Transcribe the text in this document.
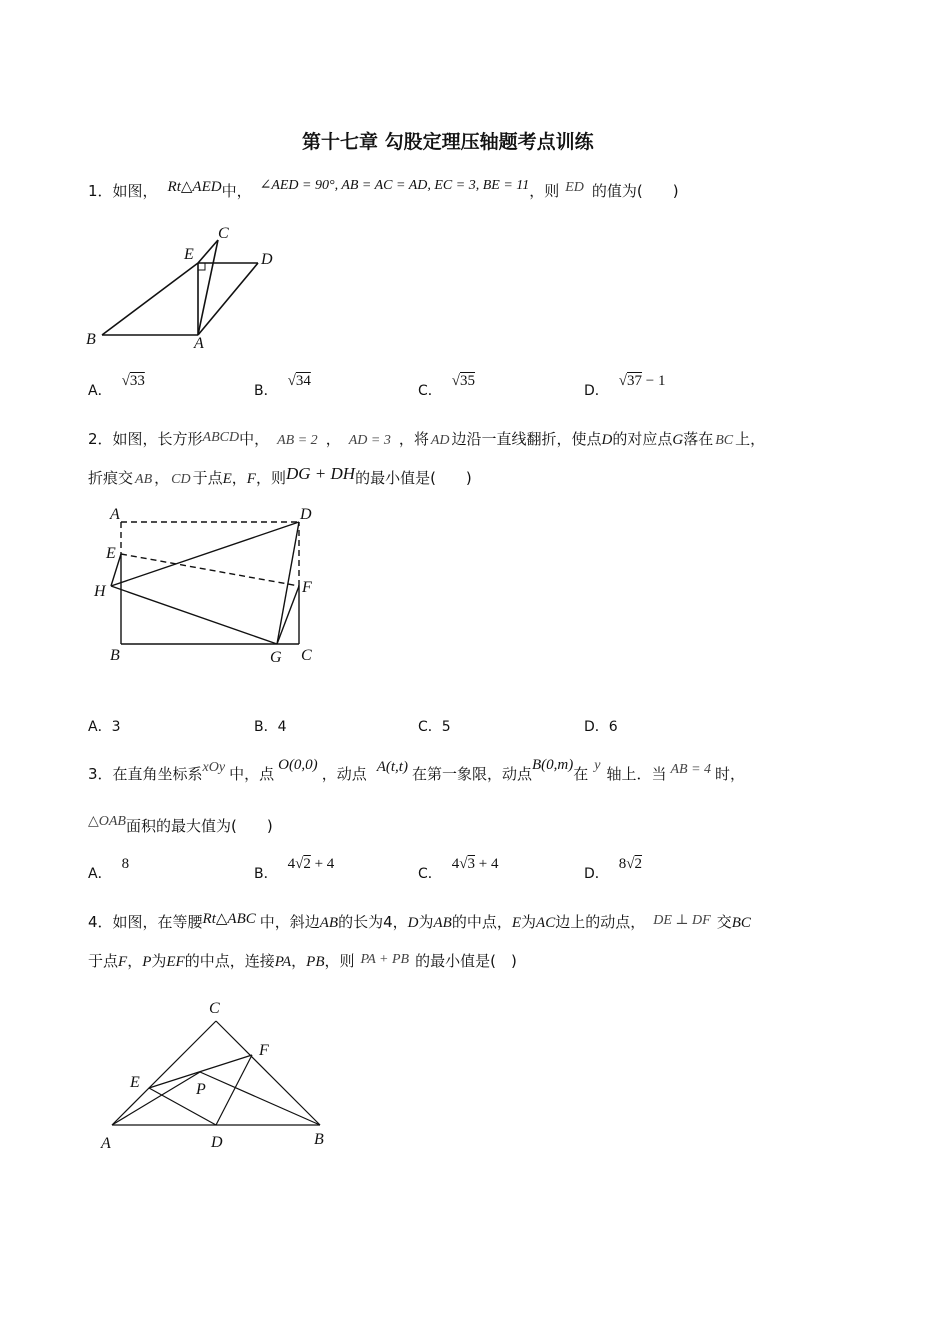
第十七章 勾股定理压轴题考点训练
1．如图， Rt△AED中， ∠AED = 90°, AB = AC = AD, EC = 3, BE = 11，则 ED 的值为(　　)
C
E	D
B	A
A．√33
B．√34
C．√35
D．√37 − 1
2．如图，长方形ABCD中， AB = 2 ， AD = 3 ，将 AD 边沿一直线翻折，使点D的对应点G落在 BC 上，
折痕交 AB ， CD 于点E，F，则DG + DH的最小值是(　　)
A	D
E
H	F
B	G C
A．3	B．4	C．5	D．6
3．在直角坐标系xOy 中，点 O(0,0) ，动点 A(t,t) 在第一象限，动点B(0,m)在 y 轴上．当 AB = 4 时，
△OAB面积的最大值为(　　)
A．8
B．4√2 + 4
C．4√3 + 4
D．8√2
4．如图，在等腰Rt△ABC 中，斜边AB的长为4，D为AB的中点，E为AC边上的动点， DE ⊥ DF 交BC
于点F，P为EF的中点，连接PA，PB，则 PA + PB 的最小值是(　)
C
F
E	P
A	D	B
